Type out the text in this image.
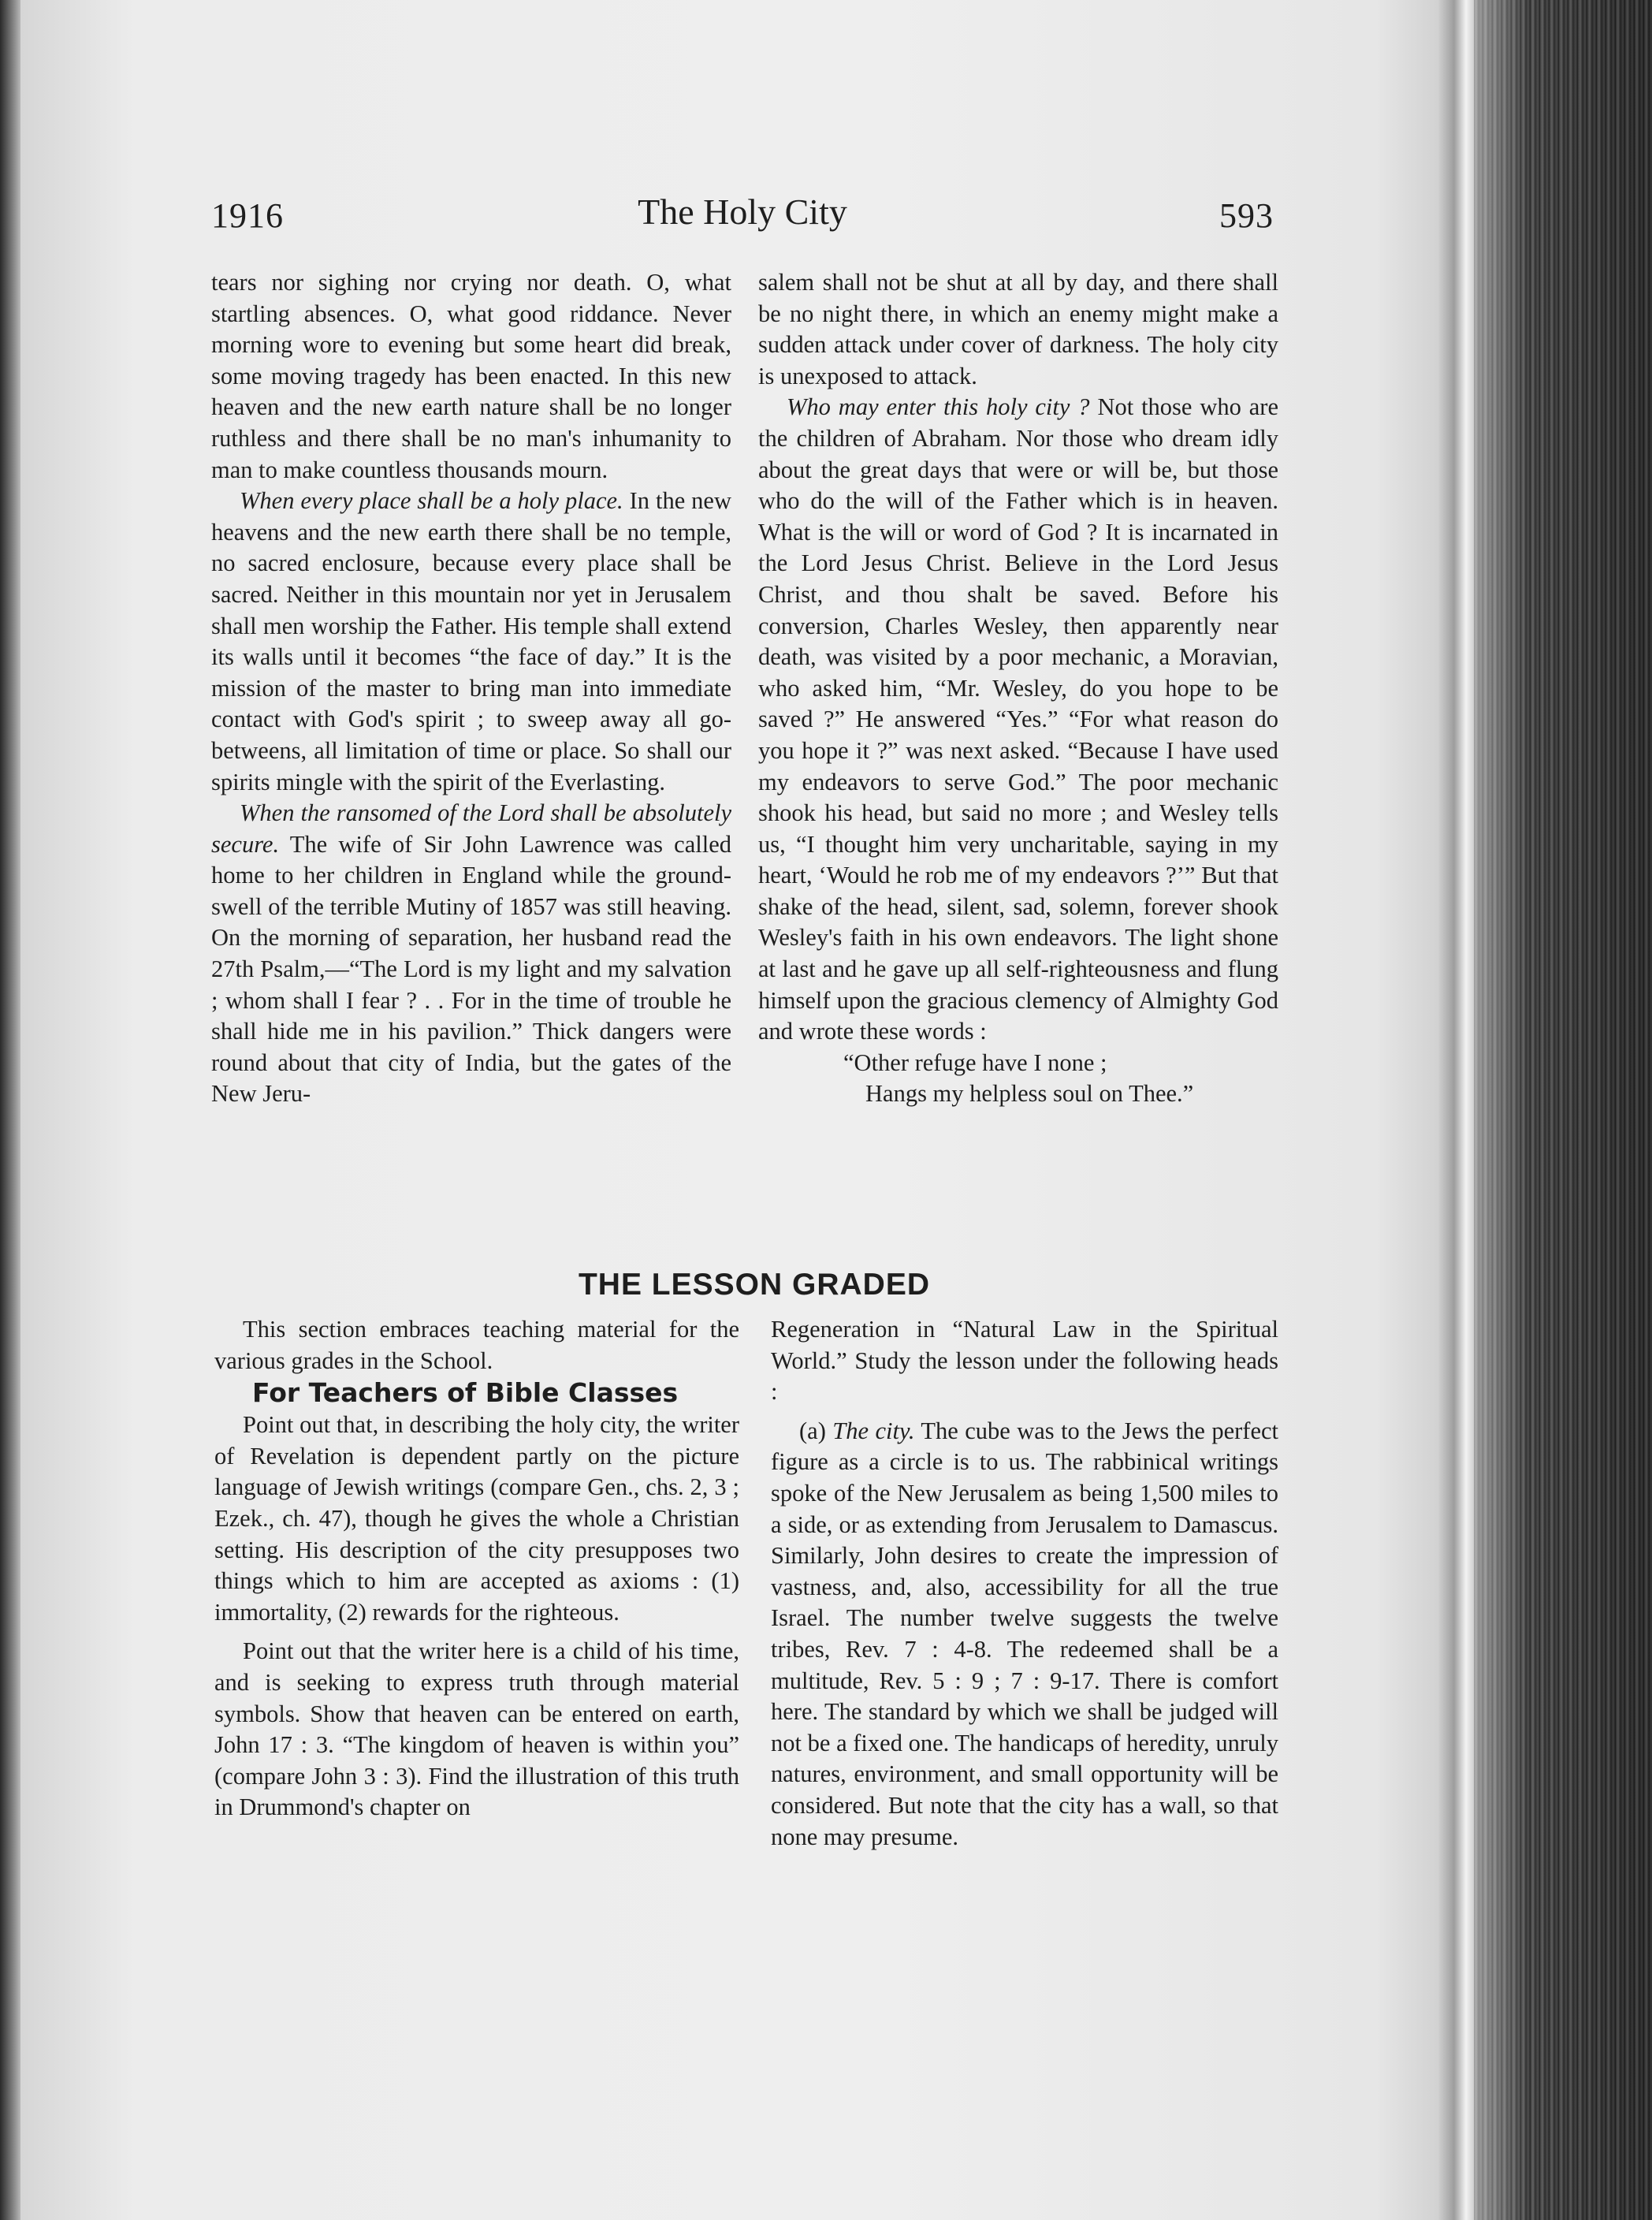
1916	The Holy City	593

tears nor sighing nor crying nor death. O, what startling absences. O, what good riddance. Never morning wore to evening but some heart did break, some moving tragedy has been enacted. In this new heaven and the new earth nature shall be no longer ruthless and there shall be no man's inhumanity to man to make countless thousands mourn.

When every place shall be a holy place. In the new heavens and the new earth there shall be no temple, no sacred enclosure, because every place shall be sacred. Neither in this mountain nor yet in Jerusalem shall men worship the Father. His temple shall extend its walls until it becomes “the face of day.” It is the mission of the master to bring man into immediate contact with God's spirit ; to sweep away all go-betweens, all limitation of time or place. So shall our spirits mingle with the spirit of the Everlasting.

When the ransomed of the Lord shall be absolutely secure. The wife of Sir John Lawrence was called home to her children in England while the ground-swell of the terrible Mutiny of 1857 was still heaving. On the morning of separation, her husband read the 27th Psalm,—“The Lord is my light and my salvation ; whom shall I fear ? . . For in the time of trouble he shall hide me in his pavilion.” Thick dangers were round about that city of India, but the gates of the New Jeru-

salem shall not be shut at all by day, and there shall be no night there, in which an enemy might make a sudden attack under cover of darkness. The holy city is unexposed to attack.

Who may enter this holy city ? Not those who are the children of Abraham. Nor those who dream idly about the great days that were or will be, but those who do the will of the Father which is in heaven. What is the will or word of God ? It is incarnated in the Lord Jesus Christ. Believe in the Lord Jesus Christ, and thou shalt be saved. Before his conversion, Charles Wesley, then apparently near death, was visited by a poor mechanic, a Moravian, who asked him, “Mr. Wesley, do you hope to be saved ?” He answered “Yes.” “For what reason do you hope it ?” was next asked. “Because I have used my endeavors to serve God.” The poor mechanic shook his head, but said no more ; and Wesley tells us, “I thought him very uncharitable, saying in my heart, ‘Would he rob me of my endeavors ?’” But that shake of the head, silent, sad, solemn, forever shook Wesley's faith in his own endeavors. The light shone at last and he gave up all self-righteousness and flung himself upon the gracious clemency of Almighty God and wrote these words :

“Other refuge have I none ;

Hangs my helpless soul on Thee.”

THE LESSON GRADED

This section embraces teaching material for the various grades in the School.

For Teachers of Bible Classes

Point out that, in describing the holy city, the writer of Revelation is dependent partly on the picture language of Jewish writings (compare Gen., chs. 2, 3 ; Ezek., ch. 47), though he gives the whole a Christian setting. His description of the city presupposes two things which to him are accepted as axioms : (1) immortality, (2) rewards for the righteous.

Point out that the writer here is a child of his time, and is seeking to express truth through material symbols. Show that heaven can be entered on earth, John 17 : 3. “The kingdom of heaven is within you” (compare John 3 : 3). Find the illustration of this truth in Drummond's chapter on

Regeneration in “Natural Law in the Spiritual World.” Study the lesson under the following heads :

(a) The city. The cube was to the Jews the perfect figure as a circle is to us. The rabbinical writings spoke of the New Jerusalem as being 1,500 miles to a side, or as extending from Jerusalem to Damascus. Similarly, John desires to create the impression of vastness, and, also, accessibility for all the true Israel. The number twelve suggests the twelve tribes, Rev. 7 : 4-8. The redeemed shall be a multitude, Rev. 5 : 9 ; 7 : 9-17. There is comfort here. The standard by which we shall be judged will not be a fixed one. The handicaps of heredity, unruly natures, environment, and small opportunity will be considered. But note that the city has a wall, so that none may presume.
